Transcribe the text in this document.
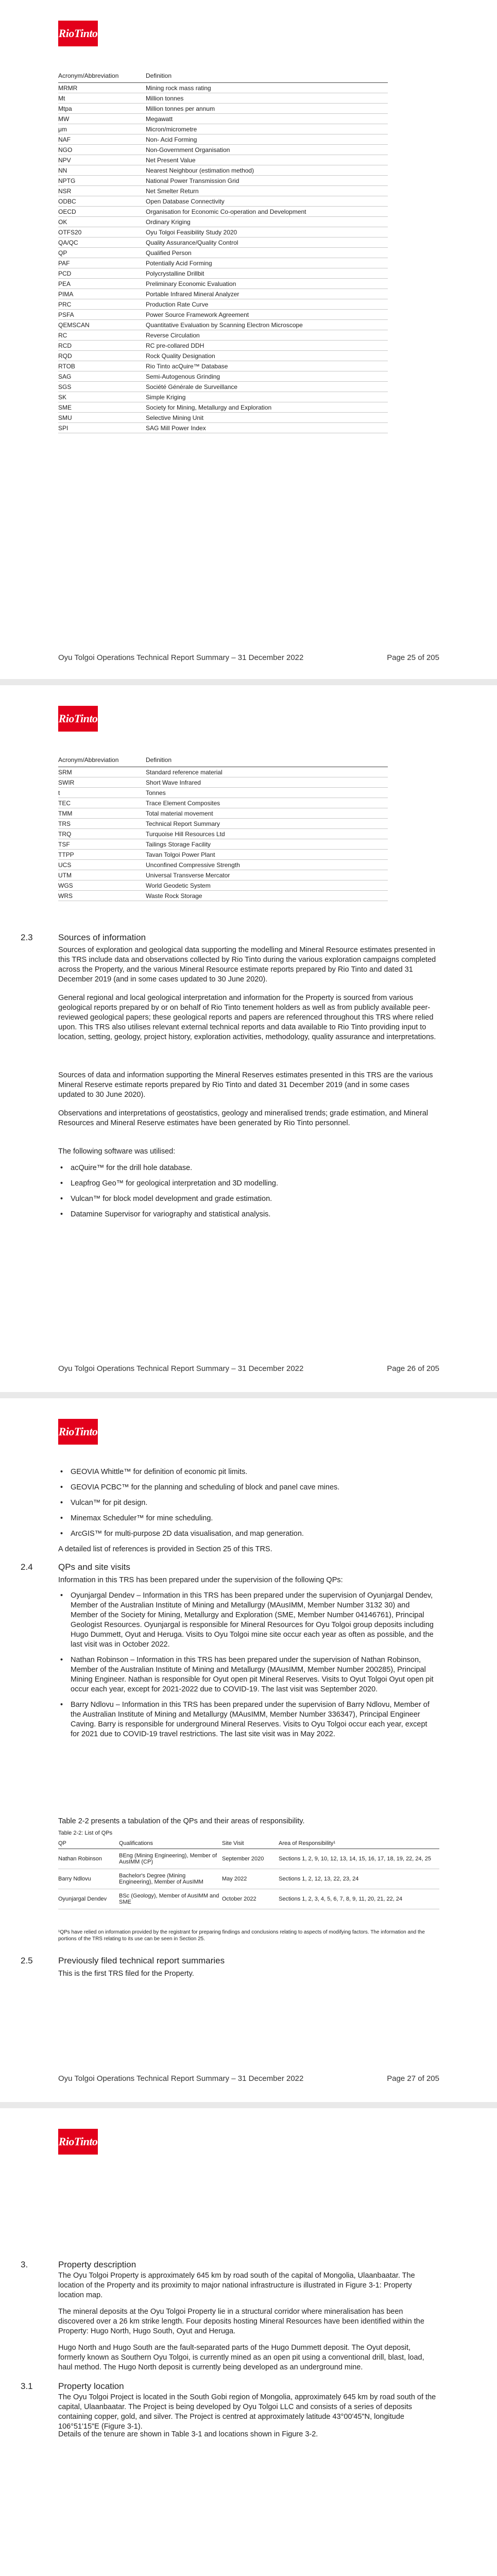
RioTinto
Acronym/Abbreviation	Definition
MRMR	Mining rock mass rating
Mt	Million tonnes
Mtpa	Million tonnes per annum
MW	Megawatt
μm	Micron/micrometre
NAF	Non- Acid Forming
NGO	Non-Government Organisation
NPV	Net Present Value
NN	Nearest Neighbour (estimation method)
NPTG	National Power Transmission Grid
NSR	Net Smelter Return
ODBC	Open Database Connectivity
OECD	Organisation for Economic Co-operation and Development
OK	Ordinary Kriging
OTFS20	Oyu Tolgoi Feasibility Study 2020
QA/QC	Quality Assurance/Quality Control
QP	Qualified Person
PAF	Potentially Acid Forming
PCD	Polycrystalline Drillbit
PEA	Preliminary Economic Evaluation
PIMA	Portable Infrared Mineral Analyzer
PRC	Production Rate Curve
PSFA	Power Source Framework Agreement
QEMSCAN	Quantitative Evaluation by Scanning Electron Microscope
RC	Reverse Circulation
RCD	RC pre-collared DDH
RQD	Rock Quality Designation
RTOB	Rio Tinto acQuire™ Database
SAG	Semi-Autogenous Grinding
SGS	Société Générale de Surveillance
SK	Simple Kriging
SME	Society for Mining, Metallurgy and Exploration
SMU	Selective Mining Unit
SPI	SAG Mill Power Index
Oyu Tolgoi Operations Technical Report Summary – 31 December 2022	Page 25 of 205
RioTinto
Acronym/Abbreviation	Definition
SRM	Standard reference material
SWIR	Short Wave Infrared
t	Tonnes
TEC	Trace Element Composites
TMM	Total material movement
TRS	Technical Report Summary
TRQ	Turquoise Hill Resources Ltd
TSF	Tailings Storage Facility
TTPP	Tavan Tolgoi Power Plant
UCS	Unconfined Compressive Strength
UTM	Universal Transverse Mercator
WGS	World Geodetic System
WRS	Waste Rock Storage
2.3	Sources of information

Sources of exploration and geological data supporting the modelling and Mineral Resource estimates presented in this TRS include data and observations collected by Rio Tinto during the various exploration campaigns completed across the Property, and the various Mineral Resource estimate reports prepared by Rio Tinto and dated 31 December 2019 (and in some cases updated to 30 June 2020).

General regional and local geological interpretation and information for the Property is sourced from various geological reports prepared by or on behalf of Rio Tinto tenement holders as well as from publicly available peer-reviewed geological papers; these geological reports and papers are referenced throughout this TRS where relied upon. This TRS also utilises relevant external technical reports and data available to Rio Tinto providing input to location, setting, geology, project history, exploration activities, methodology, quality assurance and interpretations.

Sources of data and information supporting the Mineral Reserves estimates presented in this TRS are the various Mineral Reserve estimate reports prepared by Rio Tinto and dated 31 December 2019 (and in some cases updated to 30 June 2020).

Observations and interpretations of geostatistics, geology and mineralised trends; grade estimation, and Mineral Resources and Mineral Reserve estimates have been generated by Rio Tinto personnel.

The following software was utilised:

• acQuire™ for the drill hole database.
• Leapfrog Geo™ for geological interpretation and 3D modelling.
• Vulcan™ for block model development and grade estimation.
• Datamine Supervisor for variography and statistical analysis.
Oyu Tolgoi Operations Technical Report Summary – 31 December 2022	Page 26 of 205
RioTinto
• GEOVIA Whittle™ for definition of economic pit limits.
• GEOVIA PCBC™ for the planning and scheduling of block and panel cave mines.
• Vulcan™ for pit design.
• Minemax Scheduler™ for mine scheduling.
• ArcGIS™ for multi-purpose 2D data visualisation, and map generation.

A detailed list of references is provided in Section 25 of this TRS.

2.4	QPs and site visits

Information in this TRS has been prepared under the supervision of the following QPs:

• Oyunjargal Dendev – Information in this TRS has been prepared under the supervision of Oyunjargal Dendev, Member of the Australian Institute of Mining and Metallurgy (MAusIMM, Member Number 3132 30) and Member of the Society for Mining, Metallurgy and Exploration (SME, Member Number 04146761), Principal Geologist Resources. Oyunjargal is responsible for Mineral Resources for Oyu Tolgoi group deposits including Hugo Dummett, Oyut and Heruga. Visits to Oyu Tolgoi mine site occur each year as often as possible, and the last visit was in October 2022.
• Nathan Robinson – Information in this TRS has been prepared under the supervision of Nathan Robinson, Member of the Australian Institute of Mining and Metallurgy (MAusIMM, Member Number 200285), Principal Mining Engineer. Nathan is responsible for Oyut open pit Mineral Reserves. Visits to Oyut Tolgoi Oyut open pit occur each year, except for 2021-2022 due to COVID-19. The last visit was September 2020.
• Barry Ndlovu – Information in this TRS has been prepared under the supervision of Barry Ndlovu, Member of the Australian Institute of Mining and Metallurgy (MAusIMM, Member Number 336347), Principal Engineer Caving. Barry is responsible for underground Mineral Reserves. Visits to Oyu Tolgoi occur each year, except for 2021 due to COVID-19 travel restrictions. The last site visit was in May 2022.

Table 2-2 presents a tabulation of the QPs and their areas of responsibility.

Table 2-2: List of QPs
QP	Qualifications	Site Visit	Area of Responsibility¹
Nathan Robinson	BEng (Mining Engineering), Member of AusIMM (CP)	September 2020	Sections 1, 2, 9, 10, 12, 13, 14, 15, 16, 17, 18, 19, 22, 24, 25
Barry Ndlovu	Bachelor's Degree (Mining Engineering), Member of AusIMM	May 2022	Sections 1, 2, 12, 13, 22, 23, 24
Oyunjargal Dendev	BSc (Geology), Member of AusIMM and SME	October 2022	Sections 1, 2, 3, 4, 5, 6, 7, 8, 9, 11, 20, 21, 22, 24
¹QPs have relied on information provided by the registrant for preparing findings and conclusions relating to aspects of modifying factors. The information and the portions of the TRS relating to its use can be seen in Section 25.
2.5	Previously filed technical report summaries

This is the first TRS filed for the Property.

Oyu Tolgoi Operations Technical Report Summary – 31 December 2022	Page 27 of 205
RioTinto
3.	Property description

The Oyu Tolgoi Property is approximately 645 km by road south of the capital of Mongolia, Ulaanbaatar. The location of the Property and its proximity to major national infrastructure is illustrated in Figure 3-1: Property location map.

The mineral deposits at the Oyu Tolgoi Property lie in a structural corridor where mineralisation has been discovered over a 26 km strike length. Four deposits hosting Mineral Resources have been identified within the Property: Hugo North, Hugo South, Oyut and Heruga.

Hugo North and Hugo South are the fault-separated parts of the Hugo Dummett deposit. The Oyut deposit, formerly known as Southern Oyu Tolgoi, is currently mined as an open pit using a conventional drill, blast, load, haul method. The Hugo North deposit is currently being developed as an underground mine.

3.1	Property location

The Oyu Tolgoi Project is located in the South Gobi region of Mongolia, approximately 645 km by road south of the capital, Ulaanbaatar. The Project is being developed by Oyu Tolgoi LLC and consists of a series of deposits containing copper, gold, and silver. The Project is centred at approximately latitude 43°00'45"N, longitude 106°51'15"E (Figure 3-1).

Details of the tenure are shown in Table 3-1 and locations shown in Figure 3-2.
